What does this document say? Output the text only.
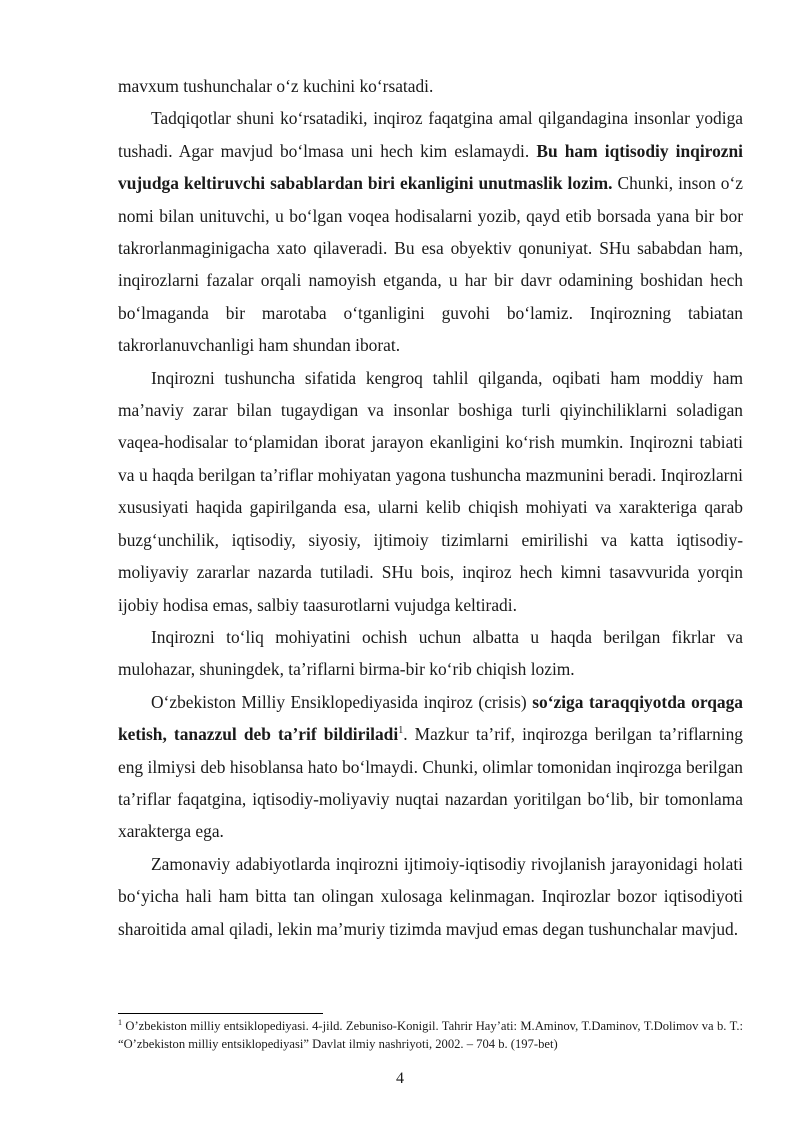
mavxum tushunchalar o‘z kuchini ko‘rsatadi.

Tadqiqotlar shuni ko‘rsatadiki, inqiroz faqatgina amal qilgandagina insonlar yodiga tushadi. Agar mavjud bo‘lmasa uni hech kim eslamaydi. Bu ham iqtisodiy inqirozni vujudga keltiruvchi sabablardan biri ekanligini unutmaslik lozim. Chunki, inson o‘z nomi bilan unituvchi, u bo‘lgan voqea hodisalarni yozib, qayd etib borsada yana bir bor takrorlanmaginigacha xato qilaveradi. Bu esa obyektiv qonuniyat. SHu sababdan ham, inqirozlarni fazalar orqali namoyish etganda, u har bir davr odamining boshidan hech bo‘lmaganda bir marotaba o‘tganligini guvohi bo‘lamiz. Inqirozning tabiatan takrorlanuvchanligi ham shundan iborat.

Inqirozni tushuncha sifatida kengroq tahlil qilganda, oqibati ham moddiy ham ma’naviy zarar bilan tugaydigan va insonlar boshiga turli qiyinchiliklarni soladigan vaqea-hodisalar to‘plamidan iborat jarayon ekanligini ko‘rish mumkin. Inqirozni tabiati va u haqda berilgan ta’riflar mohiyatan yagona tushuncha mazmunini beradi. Inqirozlarni xususiyati haqida gapirilganda esa, ularni kelib chiqish mohiyati va xarakteriga qarab buzg‘unchilik, iqtisodiy, siyosiy, ijtimoiy tizimlarni emirilishi va katta iqtisodiy-moliyaviy zararlar nazarda tutiladi. SHu bois, inqiroz hech kimni tasavvurida yorqin ijobiy hodisa emas, salbiy taasurotlarni vujudga keltiradi.

Inqirozni to‘liq mohiyatini ochish uchun albatta u haqda berilgan fikrlar va mulohazar, shuningdek, ta’riflarni birma-bir ko‘rib chiqish lozim.

O‘zbekiston Milliy Ensiklopediyasida inqiroz (crisis) so‘ziga taraqqiyotda orqaga ketish, tanazzul deb ta’rif bildiriladi$^1$. Mazkur ta’rif, inqirozga berilgan ta’riflarning eng ilmiysi deb hisoblansa hato bo‘lmaydi. Chunki, olimlar tomonidan inqirozga berilgan ta’riflar faqatgina, iqtisodiy-moliyaviy nuqtai nazardan yoritilgan bo‘lib, bir tomonlama xarakterga ega.

Zamonaviy adabiyotlarda inqirozni ijtimoiy-iqtisodiy rivojlanish jarayonidagi holati bo‘yicha hali ham bitta tan olingan xulosaga kelinmagan. Inqirozlar bozor iqtisodiyoti sharoitida amal qiladi, lekin ma’muriy tizimda mavjud emas degan tushunchalar mavjud.

$^1$ O’zbekiston milliy entsiklopediyasi. 4-jild. Zebuniso-Konigil. Tahrir Hay’ati: M.Aminov, T.Daminov, T.Dolimov va b. T.: “O’zbekiston milliy entsiklopediyasi” Davlat ilmiy nashriyoti, 2002. – 704 b. (197-bet)

4
